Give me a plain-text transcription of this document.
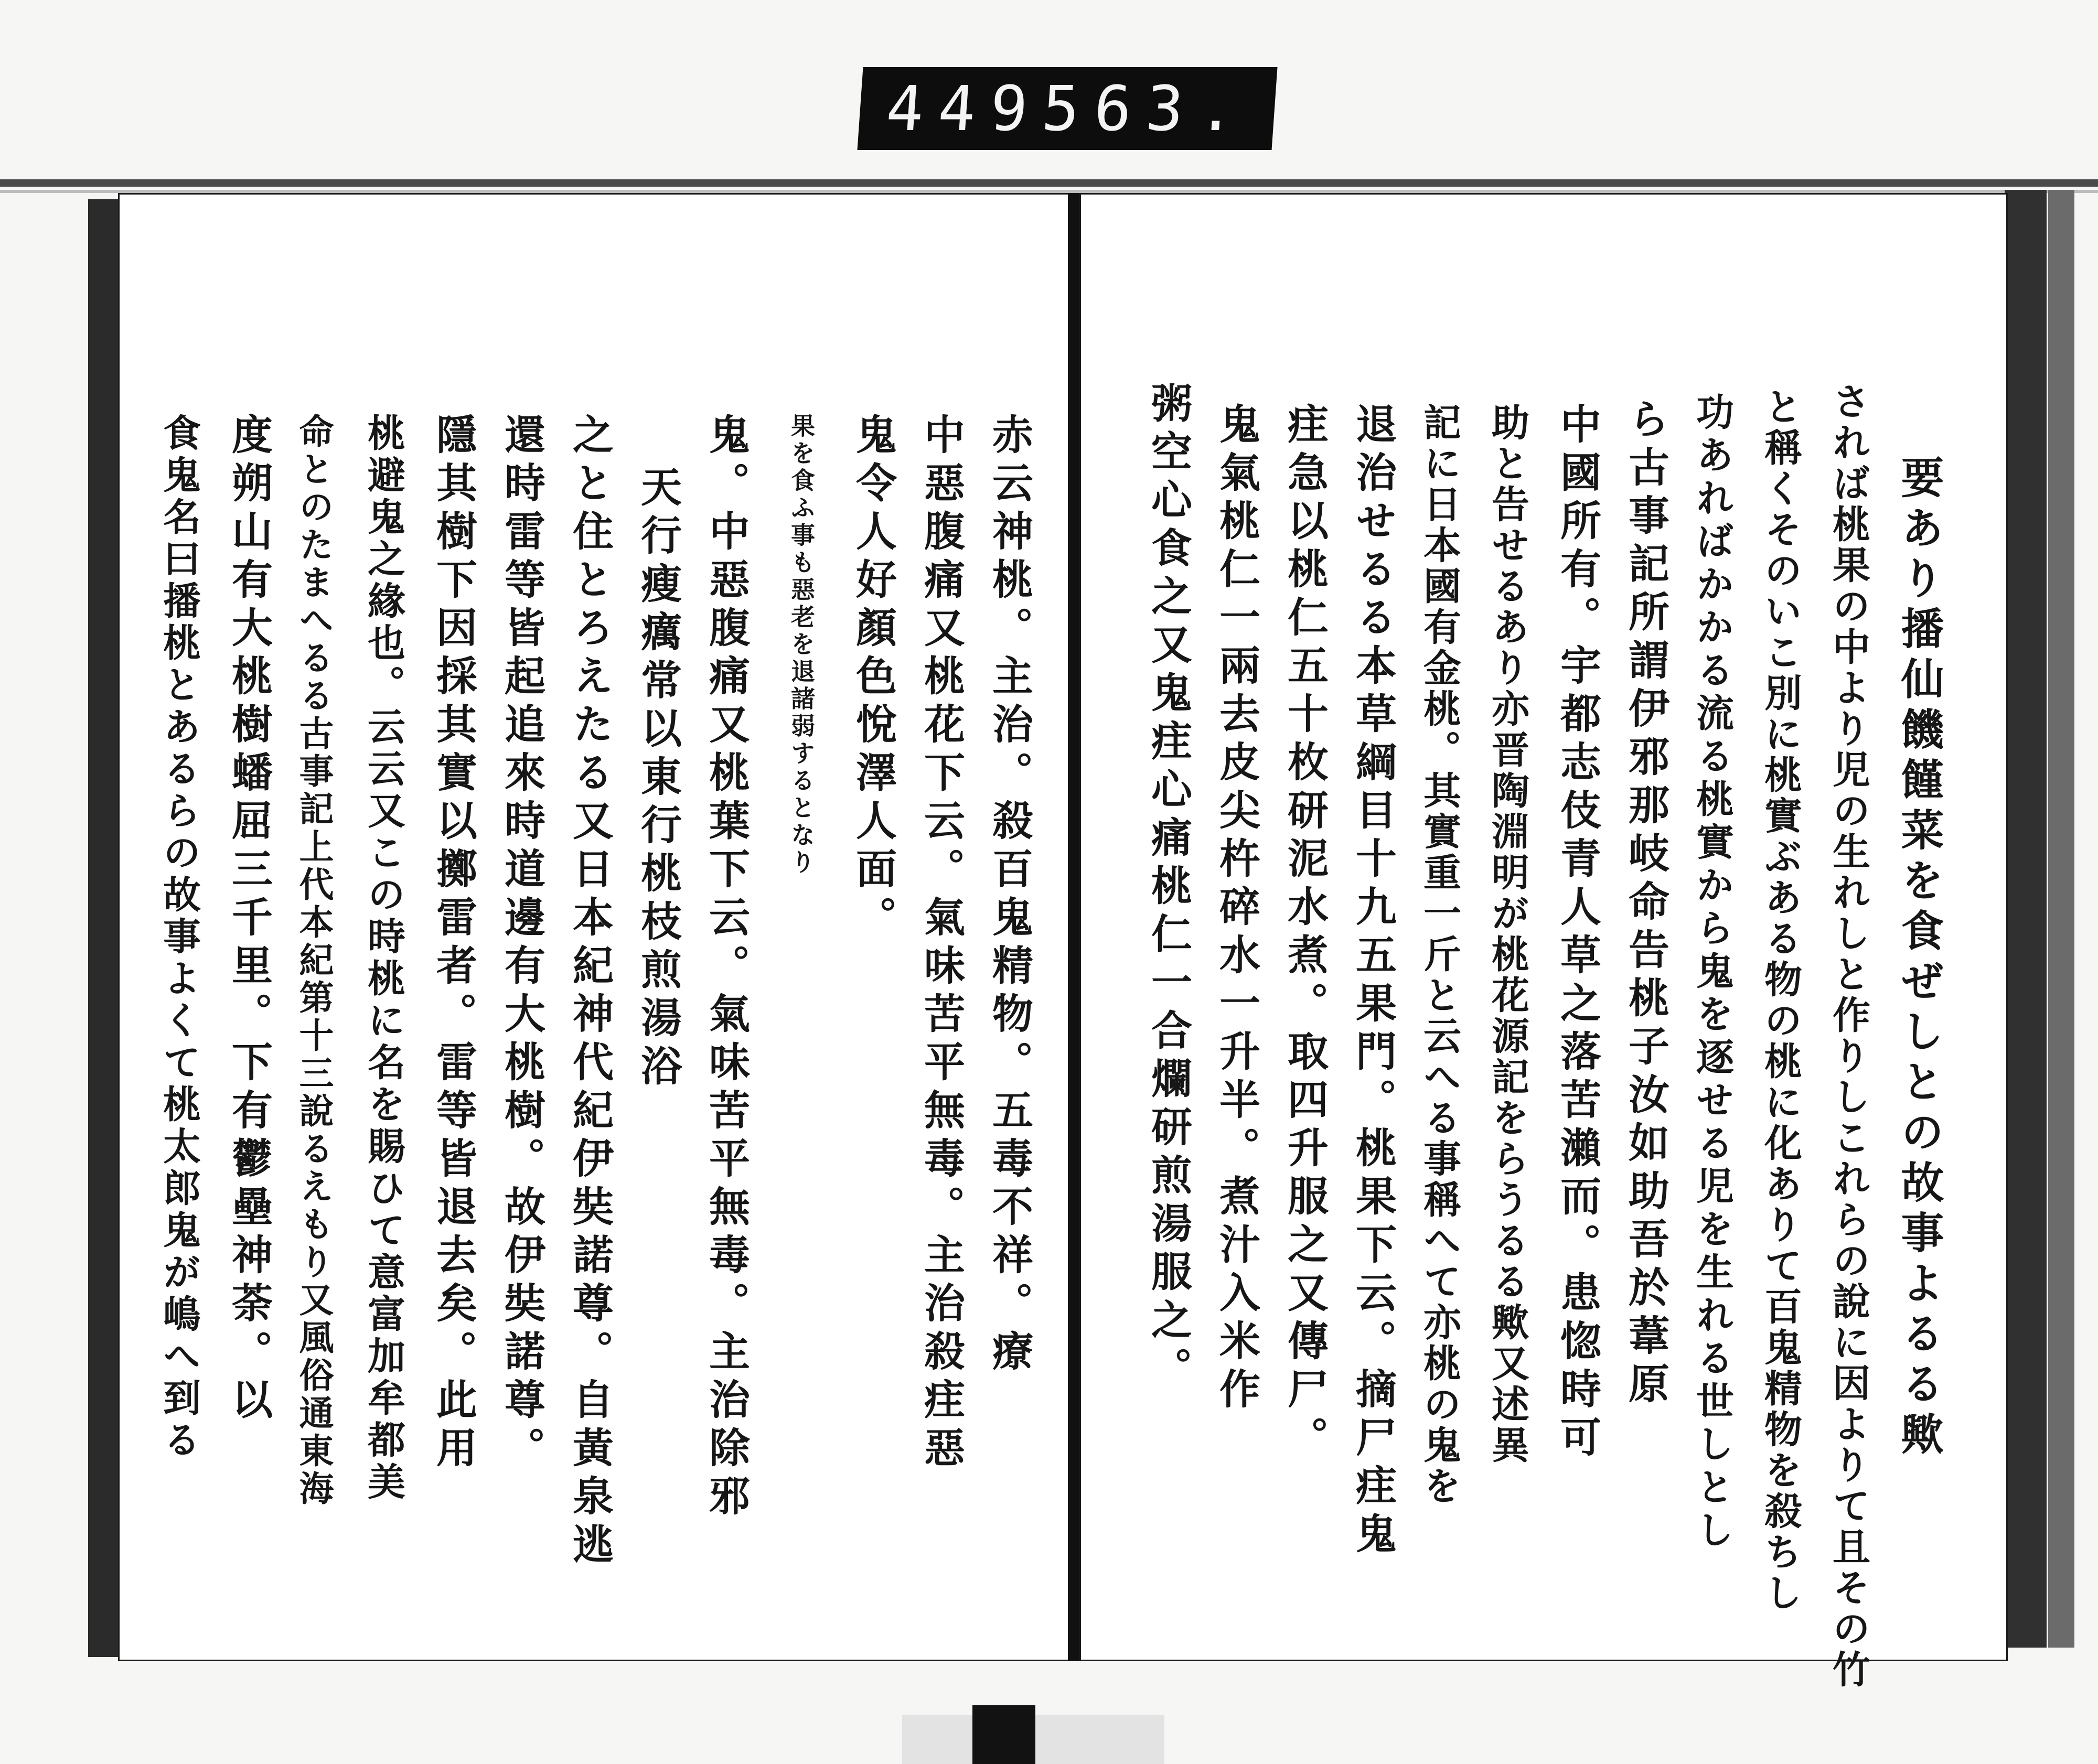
449
563.
赤云神桃。主治。殺百鬼精物。五毒不祥。療
中惡腹痛又桃花下云。氣味苦平無毒。主治殺疰惡
鬼令人好顏色悅澤人面。
果を食ふ事も惡老を退諸弱するとなり
鬼。中惡腹痛又桃葉下云。氣味苦平無毒。主治除邪
天行瘦癘常以東行桃枝煎湯浴
之と住とろえたる又日本紀神代紀伊奘諾尊。自黃泉逃
還時雷等皆起追來時道邊有大桃樹。故伊奘諾尊。
隱其樹下因採其實以擲雷者。雷等皆退去矣。此用
桃避鬼之緣也。云云又この時桃に名を賜ひて意富加牟都美
命とのたまへるる古事記上代本紀第十三說るえもり又風俗通東海
度朔山有大桃樹蟠屈三千里。下有鬱壘神荼。以
食鬼名曰播桃とあるらの故事よくて桃太郎鬼が嶋へ到る	要あり播仙饑饉菜を食ぜしとの故事よるる歟
されば桃果の中より児の生れしと作りしこれらの說に因よりて且その竹
と稱くそのいこ別に桃實ぶある物の桃に化ありて百鬼精物を殺ちし
功あればかかる流る桃實から鬼を逐せる児を生れる世しとし
ら古事記所謂伊邪那岐命告桃子汝如助吾於葦原
中國所有。宇都志伎青人草之落苦瀨而。患惚時可
助と告せるあり亦晋陶淵明が桃花源記をらうるる歟又述異
記に日本國有金桃。其實重一斤と云へる事稱へて亦桃の鬼を
退治せるる本草綱目十九五果門。桃果下云。摘尸疰鬼
疰急以桃仁五十枚研泥水煮。取四升服之又傳尸。
鬼氣桃仁一兩去皮尖杵碎水一升半。煮汁入米作
粥空心食之又鬼疰心痛桃仁一合爛研煎湯服之。
